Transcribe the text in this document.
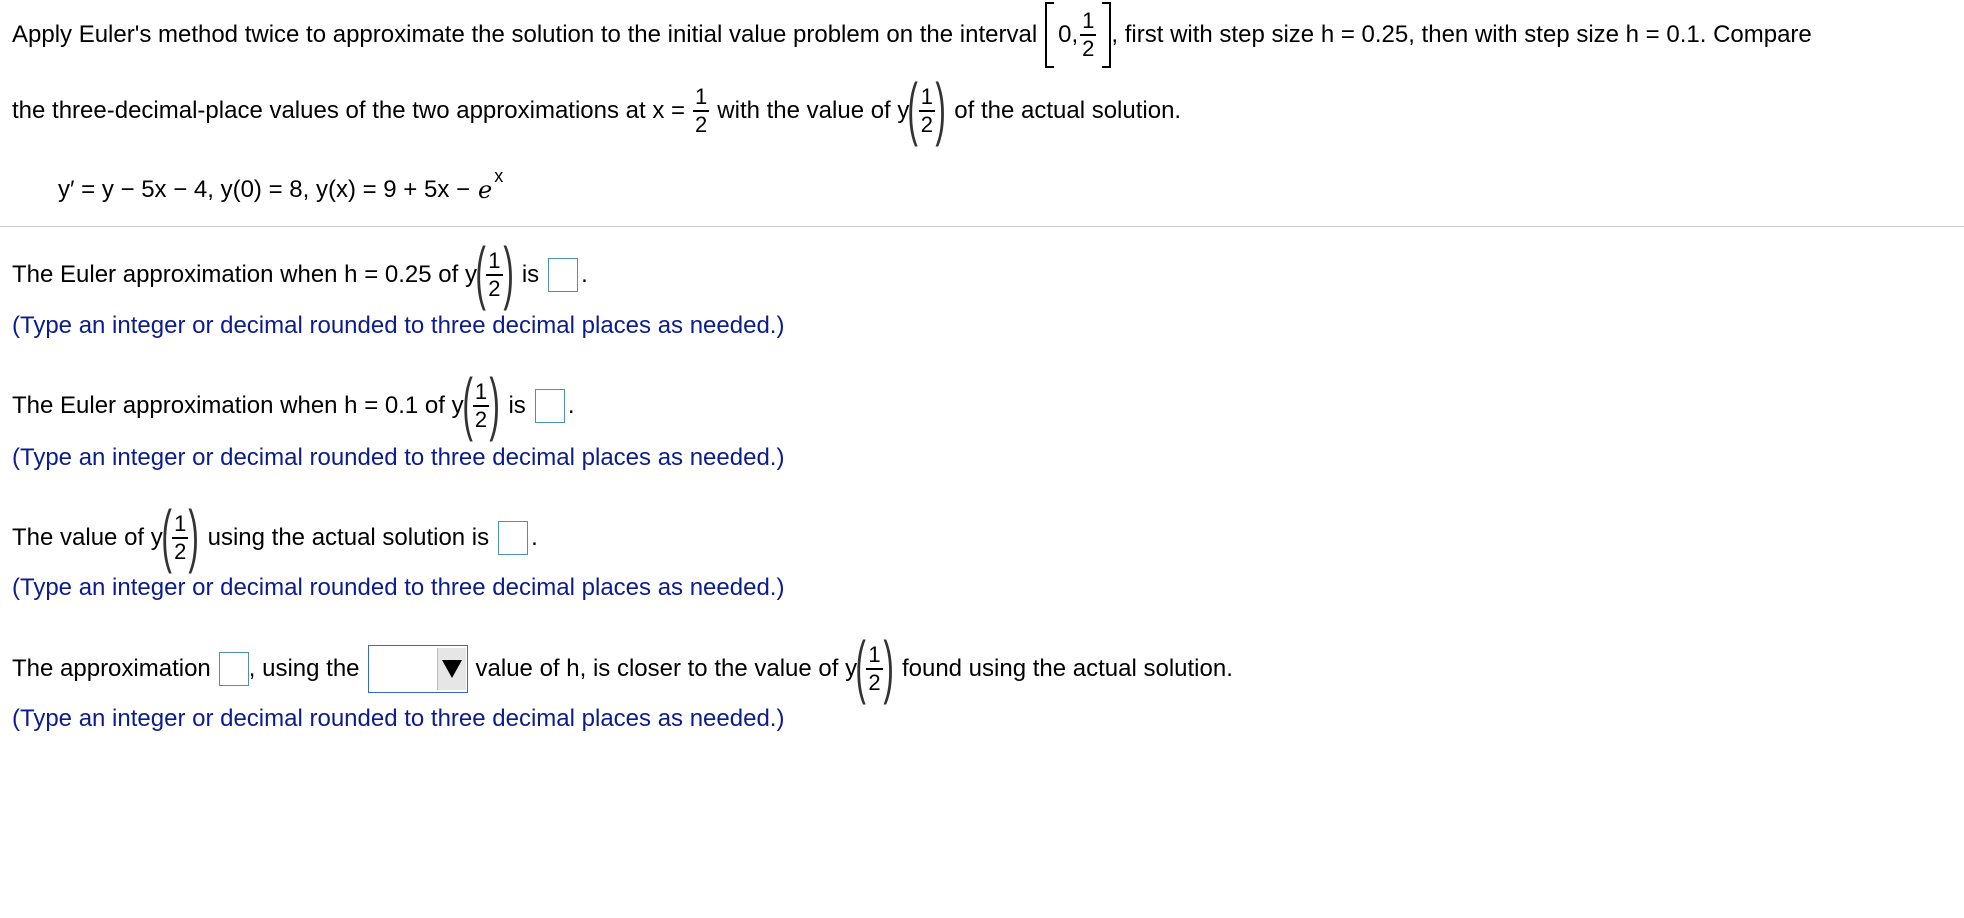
Apply Euler's method twice to approximate the solution to the initial value problem on the interval 0, $\frac{1}{2}$ , first with step size h = 0.25, then with step size h = 0.1. Compare
the three-decimal-place values of the two approximations at $x = \frac{1}{2}$ with the value of y
( $\frac{1}{2}$ ) of the actual solution.
y′ = y − 5x − 4, y(0) = 8, y(x) = 9 + 5x − e
x
The Euler approximation when h = 0.25 of y
( $\frac{1}{2}$ ) is .
(Type an integer or decimal rounded to three decimal places as needed.)
The Euler approximation when h = 0.1 of y
( $\frac{1}{2}$ ) is .
(Type an integer or decimal rounded to three decimal places as needed.)
The value of y
( $\frac{1}{2}$ ) using the actual solution is .
(Type an integer or decimal rounded to three decimal places as needed.)
The approximation , using the	value of h, is closer to the value of y
( $\frac{1}{2}$ ) found using the actual solution.
(Type an integer or decimal rounded to three decimal places as needed.)
